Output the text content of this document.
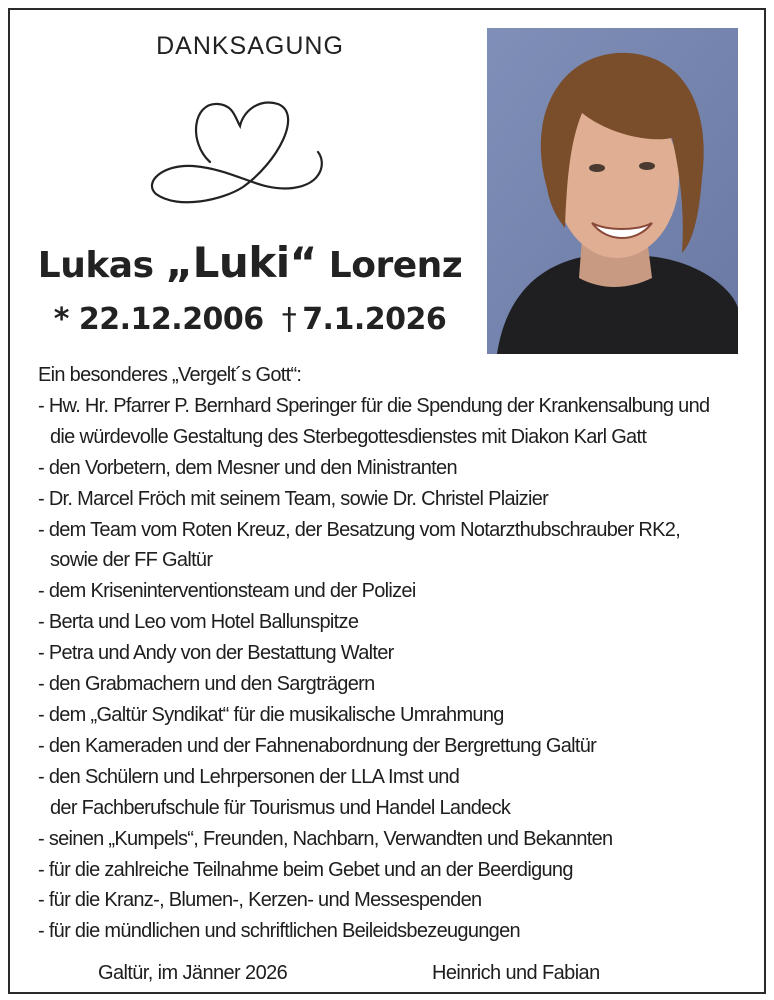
DANKSAGUNG
Lukas „Luki“ Lorenz
* 22.12.2006 † 7.1.2026
Ein besonderes „Vergelt´s Gott“:
- Hw. Hr. Pfarrer P. Bernhard Speringer für die Spendung der Krankensalbung und
die würdevolle Gestaltung des Sterbegottesdienstes mit Diakon Karl Gatt
- den Vorbetern, dem Mesner und den Ministranten
- Dr. Marcel Fröch mit seinem Team, sowie Dr. Christel Plaizier
- dem Team vom Roten Kreuz, der Besatzung vom Notarzthubschrauber RK2,
sowie der FF Galtür
- dem Kriseninterventionsteam und der Polizei
- Berta und Leo vom Hotel Ballunspitze
- Petra und Andy von der Bestattung Walter
- den Grabmachern und den Sargträgern
- dem „Galtür Syndikat“ für die musikalische Umrahmung
- den Kameraden und der Fahnenabordnung der Bergrettung Galtür
- den Schülern und Lehrpersonen der LLA Imst und
der Fachberufschule für Tourismus und Handel Landeck
- seinen „Kumpels“, Freunden, Nachbarn, Verwandten und Bekannten
- für die zahlreiche Teilnahme beim Gebet und an der Beerdigung
- für die Kranz-, Blumen-, Kerzen- und Messespenden
- für die mündlichen und schriftlichen Beileidsbezeugungen
Galtür, im Jänner 2026	Heinrich und Fabian
